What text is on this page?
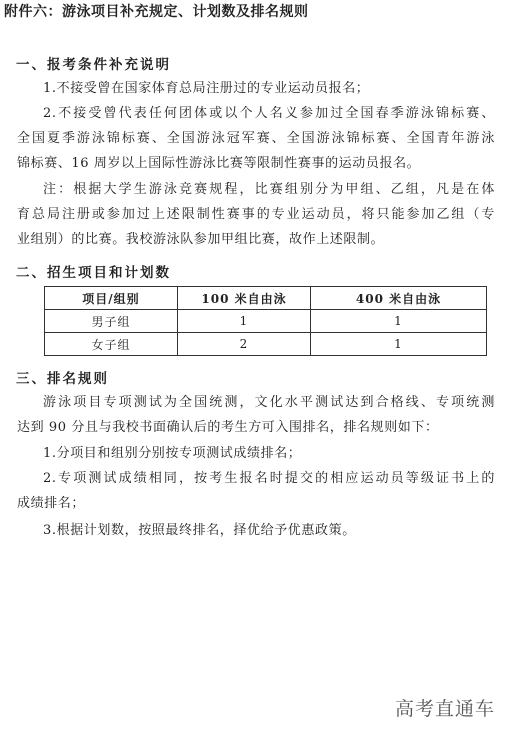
附件六：游泳项目补充规定、计划数及排名规则
一、报考条件补充说明
1.不接受曾在国家体育总局注册过的专业运动员报名；
2.不接受曾代表任何团体或以个人名义参加过全国春季游泳锦标赛、
全国夏季游泳锦标赛、全国游泳冠军赛、全国游泳锦标赛、全国青年游泳
锦标赛、16 周岁以上国际性游泳比赛等限制性赛事的运动员报名。
注：根据大学生游泳竞赛规程，比赛组别分为甲组、乙组，凡是在体
育总局注册或参加过上述限制性赛事的专业运动员，将只能参加乙组（专
业组别）的比赛。我校游泳队参加甲组比赛，故作上述限制。
二、招生项目和计划数
项目/组别	100 米自由泳	400 米自由泳
男子组	1	1
女子组	2	1
三、排名规则
游泳项目专项测试为全国统测，文化水平测试达到合格线、专项统测
达到 90 分且与我校书面确认后的考生方可入围排名，排名规则如下：
1.分项目和组别分别按专项测试成绩排名；
2.专项测试成绩相同，按考生报名时提交的相应运动员等级证书上的
成绩排名；
3.根据计划数，按照最终排名，择优给予优惠政策。
高考直通车
